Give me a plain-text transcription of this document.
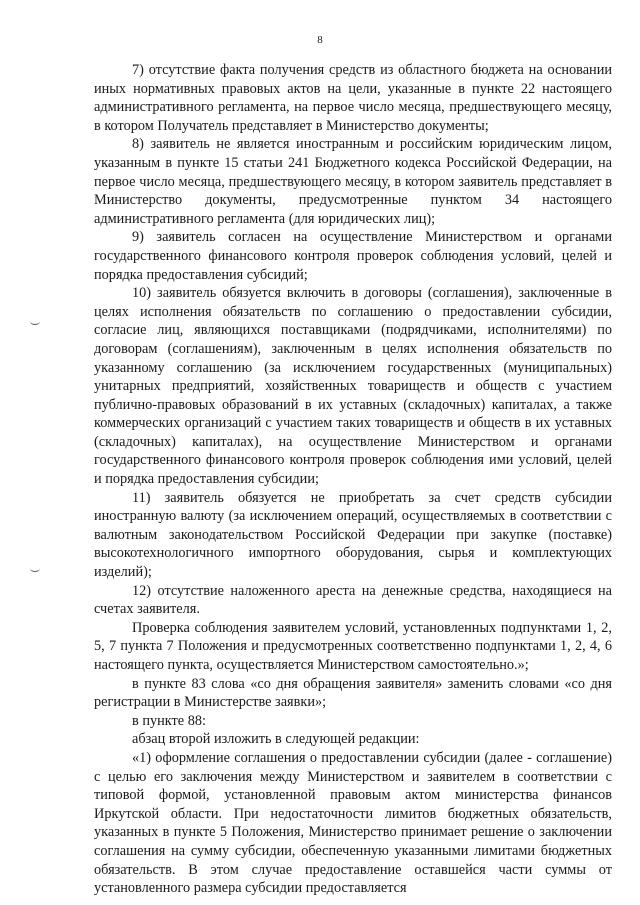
8

7) отсутствие факта получения средств из областного бюджета на основании иных нормативных правовых актов на цели, указанные в пункте 22 настоящего административного регламента, на первое число месяца, предшествующего месяцу, в котором Получатель представляет в Министерство документы;

8) заявитель не является иностранным и российским юридическим лицом, указанным в пункте 15 статьи 241 Бюджетного кодекса Российской Федерации, на первое число месяца, предшествующего месяцу, в котором заявитель представляет в Министерство документы, предусмотренные пунктом 34 настоящего административного регламента (для юридических лиц);

9) заявитель согласен на осуществление Министерством и органами государственного финансового контроля проверок соблюдения условий, целей и порядка предоставления субсидий;

10) заявитель обязуется включить в договоры (соглашения), заключенные в целях исполнения обязательств по соглашению о предоставлении субсидии, согласие лиц, являющихся поставщиками (подрядчиками, исполнителями) по договорам (соглашениям), заключенным в целях исполнения обязательств по указанному соглашению (за исключением государственных (муниципальных) унитарных предприятий, хозяйственных товариществ и обществ с участием публично-правовых образований в их уставных (складочных) капиталах, а также коммерческих организаций с участием таких товариществ и обществ в их уставных (складочных) капиталах), на осуществление Министерством и органами государственного финансового контроля проверок соблюдения ими условий, целей и порядка предоставления субсидии;

11) заявитель обязуется не приобретать за счет средств субсидии иностранную валюту (за исключением операций, осуществляемых в соответствии с валютным законодательством Российской Федерации при закупке (поставке) высокотехнологичного импортного оборудования, сырья и комплектующих изделий);

12) отсутствие наложенного ареста на денежные средства, находящиеся на счетах заявителя.

Проверка соблюдения заявителем условий, установленных подпунктами 1, 2, 5, 7 пункта 7 Положения и предусмотренных соответственно подпунктами 1, 2, 4, 6 настоящего пункта, осуществляется Министерством самостоятельно.»;

в пункте 83 слова «со дня обращения заявителя» заменить словами «со дня регистрации в Министерстве заявки»;

в пункте 88:

абзац второй изложить в следующей редакции:

«1) оформление соглашения о предоставлении субсидии (далее - соглашение) с целью его заключения между Министерством и заявителем в соответствии с типовой формой, установленной правовым актом министерства финансов Иркутской области. При недостаточности лимитов бюджетных обязательств, указанных в пункте 5 Положения, Министерство принимает решение о заключении соглашения на сумму субсидии, обеспеченную указанными лимитами бюджетных обязательств. В этом случае предоставление оставшейся части суммы от установленного размера субсидии предоставляется
